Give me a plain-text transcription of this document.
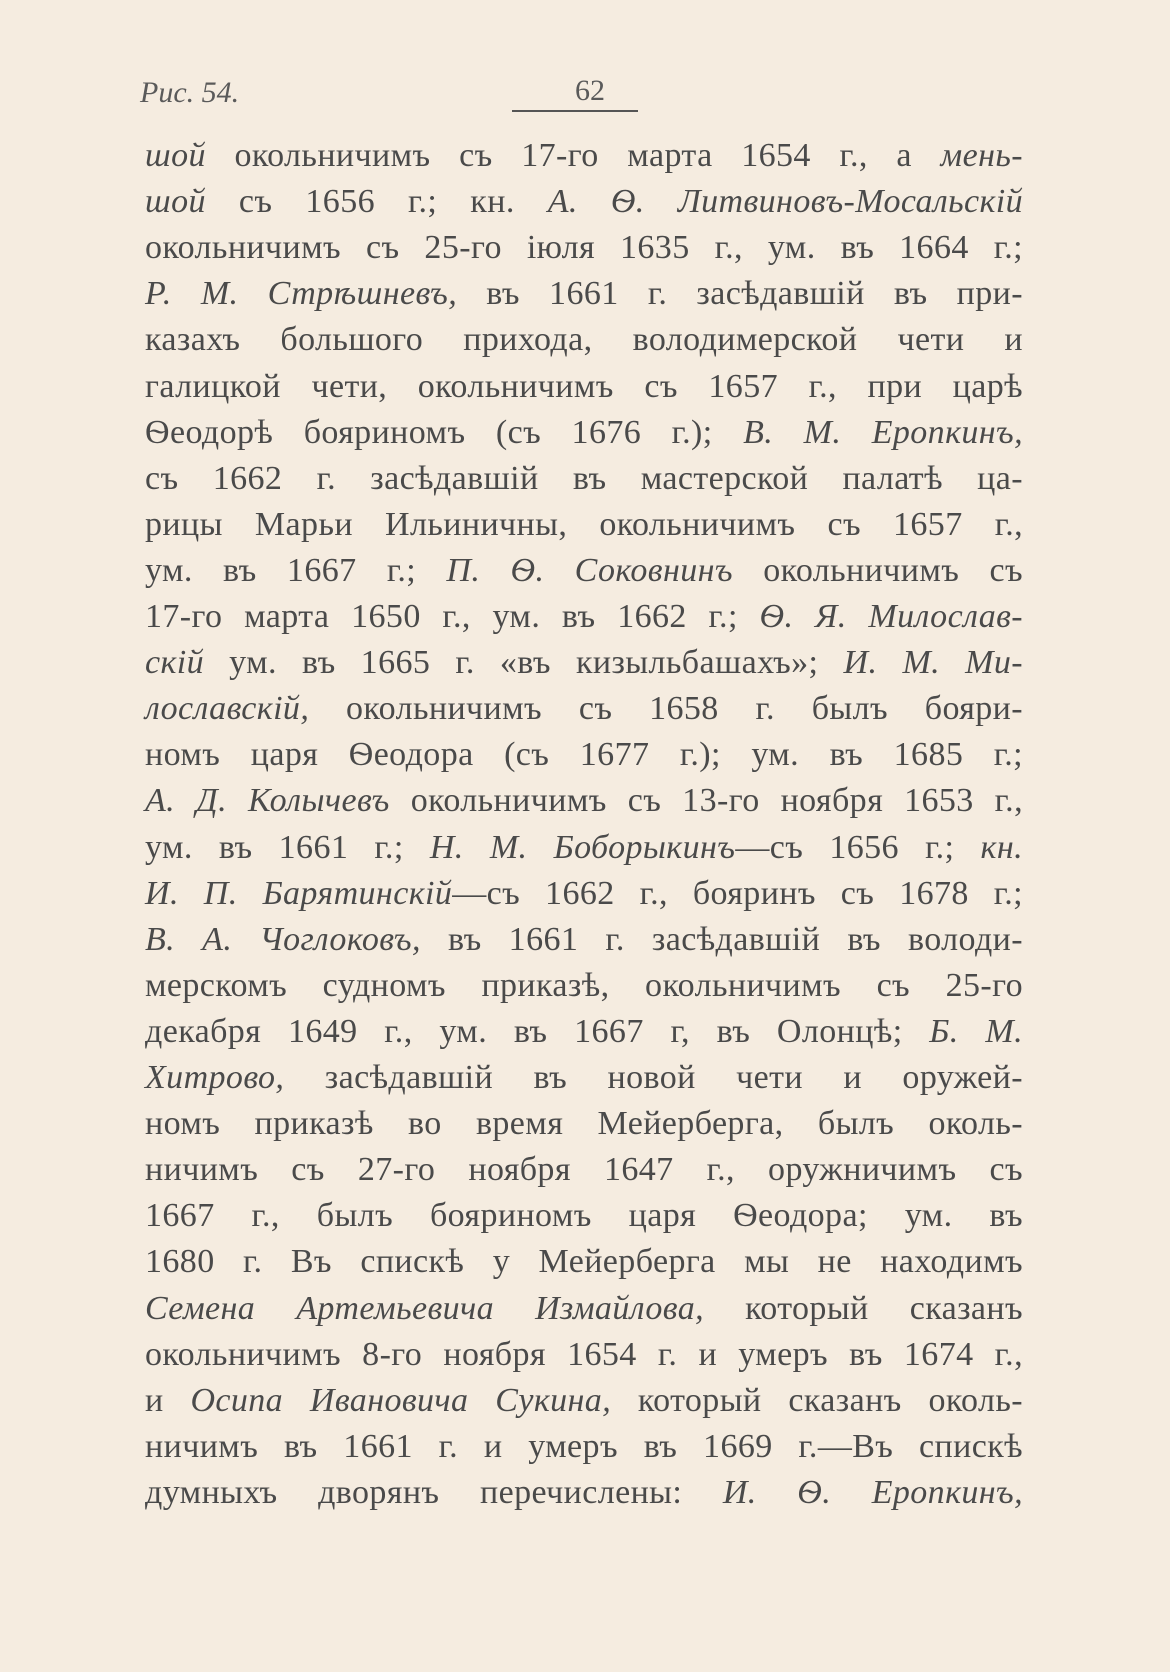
Рис. 54.	62
шой окольничимъ съ 17-го марта 1654 г., а мень-
шой съ 1656 г.; кн. А. Ѳ. Литвиновъ-Мосальскій
окольничимъ съ 25-го іюля 1635 г., ум. въ 1664 г.;
Р. М. Стрѣшневъ, въ 1661 г. засѣдавшій въ при-
казахъ большого прихода, володимерской чети и
галицкой чети, окольничимъ съ 1657 г., при царѣ
Ѳеодорѣ бояриномъ (съ 1676 г.); В. М. Еропкинъ,
съ 1662 г. засѣдавшій въ мастерской палатѣ ца-
рицы Марьи Ильиничны, окольничимъ съ 1657 г.,
ум. въ 1667 г.; П. Ѳ. Соковнинъ окольничимъ съ
17-го марта 1650 г., ум. въ 1662 г.; Ѳ. Я. Милослав-
скій ум. въ 1665 г. «въ кизыльбашахъ»; И. М. Ми-
лославскій, окольничимъ съ 1658 г. былъ бояри-
номъ царя Ѳеодора (съ 1677 г.); ум. въ 1685 г.;
А. Д. Колычевъ окольничимъ съ 13-го ноября 1653 г.,
ум. въ 1661 г.; Н. М. Боборыкинъ—съ 1656 г.; кн.
И. П. Барятинскій—съ 1662 г., бояринъ съ 1678 г.;
В. А. Чоглоковъ, въ 1661 г. засѣдавшій въ володи-
мерскомъ судномъ приказѣ, окольничимъ съ 25-го
декабря 1649 г., ум. въ 1667 г, въ Олонцѣ; Б. М.
Хитрово, засѣдавшій въ новой чети и оружей-
номъ приказѣ во время Мейерберга, былъ околь-
ничимъ съ 27-го ноября 1647 г., оружничимъ съ
1667 г., былъ бояриномъ царя Ѳеодора; ум. въ
1680 г. Въ спискѣ у Мейерберга мы не находимъ
Семена Артемьевича Измайлова, который сказанъ
окольничимъ 8-го ноября 1654 г. и умеръ въ 1674 г.,
и Осипа Ивановича Сукина, который сказанъ околь-
ничимъ въ 1661 г. и умеръ въ 1669 г.—Въ спискѣ
думныхъ дворянъ перечислены: И. Ѳ. Еропкинъ,
